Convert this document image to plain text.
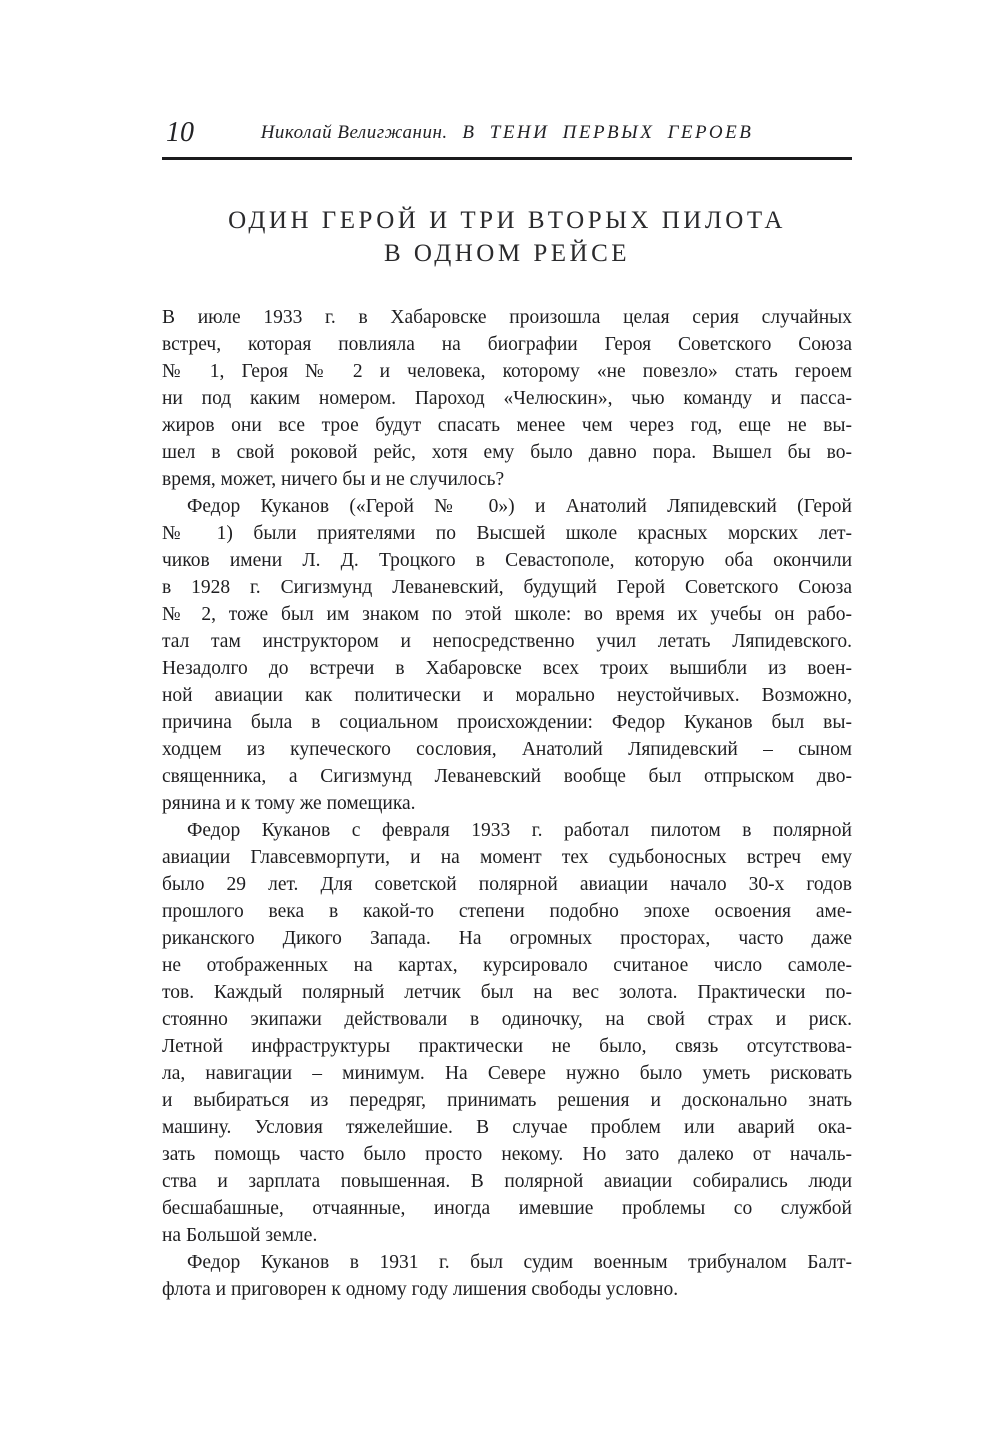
10	Николай Велигжанин. В ТЕНИ ПЕРВЫХ ГЕРОЕВ
ОДИН ГЕРОЙ И ТРИ ВТОРЫХ ПИЛОТА
В ОДНОМ РЕЙСЕ
В июле 1933 г. в Хабаровске произошла целая серия случайных
встреч, которая повлияла на биографии Героя Советского Союза
№ 1, Героя № 2 и человека, которому «не повезло» стать героем
ни под каким номером. Пароход «Челюскин», чью команду и пасса-
жиров они все трое будут спасать менее чем через год, еще не вы-
шел в свой роковой рейс, хотя ему было давно пора. Вышел бы во-
время, может, ничего бы и не случилось?
Федор Куканов («Герой № 0») и Анатолий Ляпидевский (Герой
№ 1) были приятелями по Высшей школе красных морских лет-
чиков имени Л. Д. Троцкого в Севастополе, которую оба окончили
в 1928 г. Сигизмунд Леваневский, будущий Герой Советского Союза
№ 2, тоже был им знаком по этой школе: во время их учебы он рабо-
тал там инструктором и непосредственно учил летать Ляпидевского.
Незадолго до встречи в Хабаровске всех троих вышибли из воен-
ной авиации как политически и морально неустойчивых. Возможно,
причина была в социальном происхождении: Федор Куканов был вы-
ходцем из купеческого сословия, Анатолий Ляпидевский – сыном
священника, а Сигизмунд Леваневский вообще был отпрыском дво-
рянина и к тому же помещика.
Федор Куканов с февраля 1933 г. работал пилотом в полярной
авиации Главсевморпути, и на момент тех судьбоносных встреч ему
было 29 лет. Для советской полярной авиации начало 30-х годов
прошлого века в какой-то степени подобно эпохе освоения аме-
риканского Дикого Запада. На огромных просторах, часто даже
не отображенных на картах, курсировало считаное число самоле-
тов. Каждый полярный летчик был на вес золота. Практически по-
стоянно экипажи действовали в одиночку, на свой страх и риск.
Летной инфраструктуры практически не было, связь отсутствова-
ла, навигации – минимум. На Севере нужно было уметь рисковать
и выбираться из передряг, принимать решения и досконально знать
машину. Условия тяжелейшие. В случае проблем или аварий ока-
зать помощь часто было просто некому. Но зато далеко от началь-
ства и зарплата повышенная. В полярной авиации собирались люди
бесшабашные, отчаянные, иногда имевшие проблемы со службой
на Большой земле.
Федор Куканов в 1931 г. был судим военным трибуналом Балт-
флота и приговорен к одному году лишения свободы условно.
